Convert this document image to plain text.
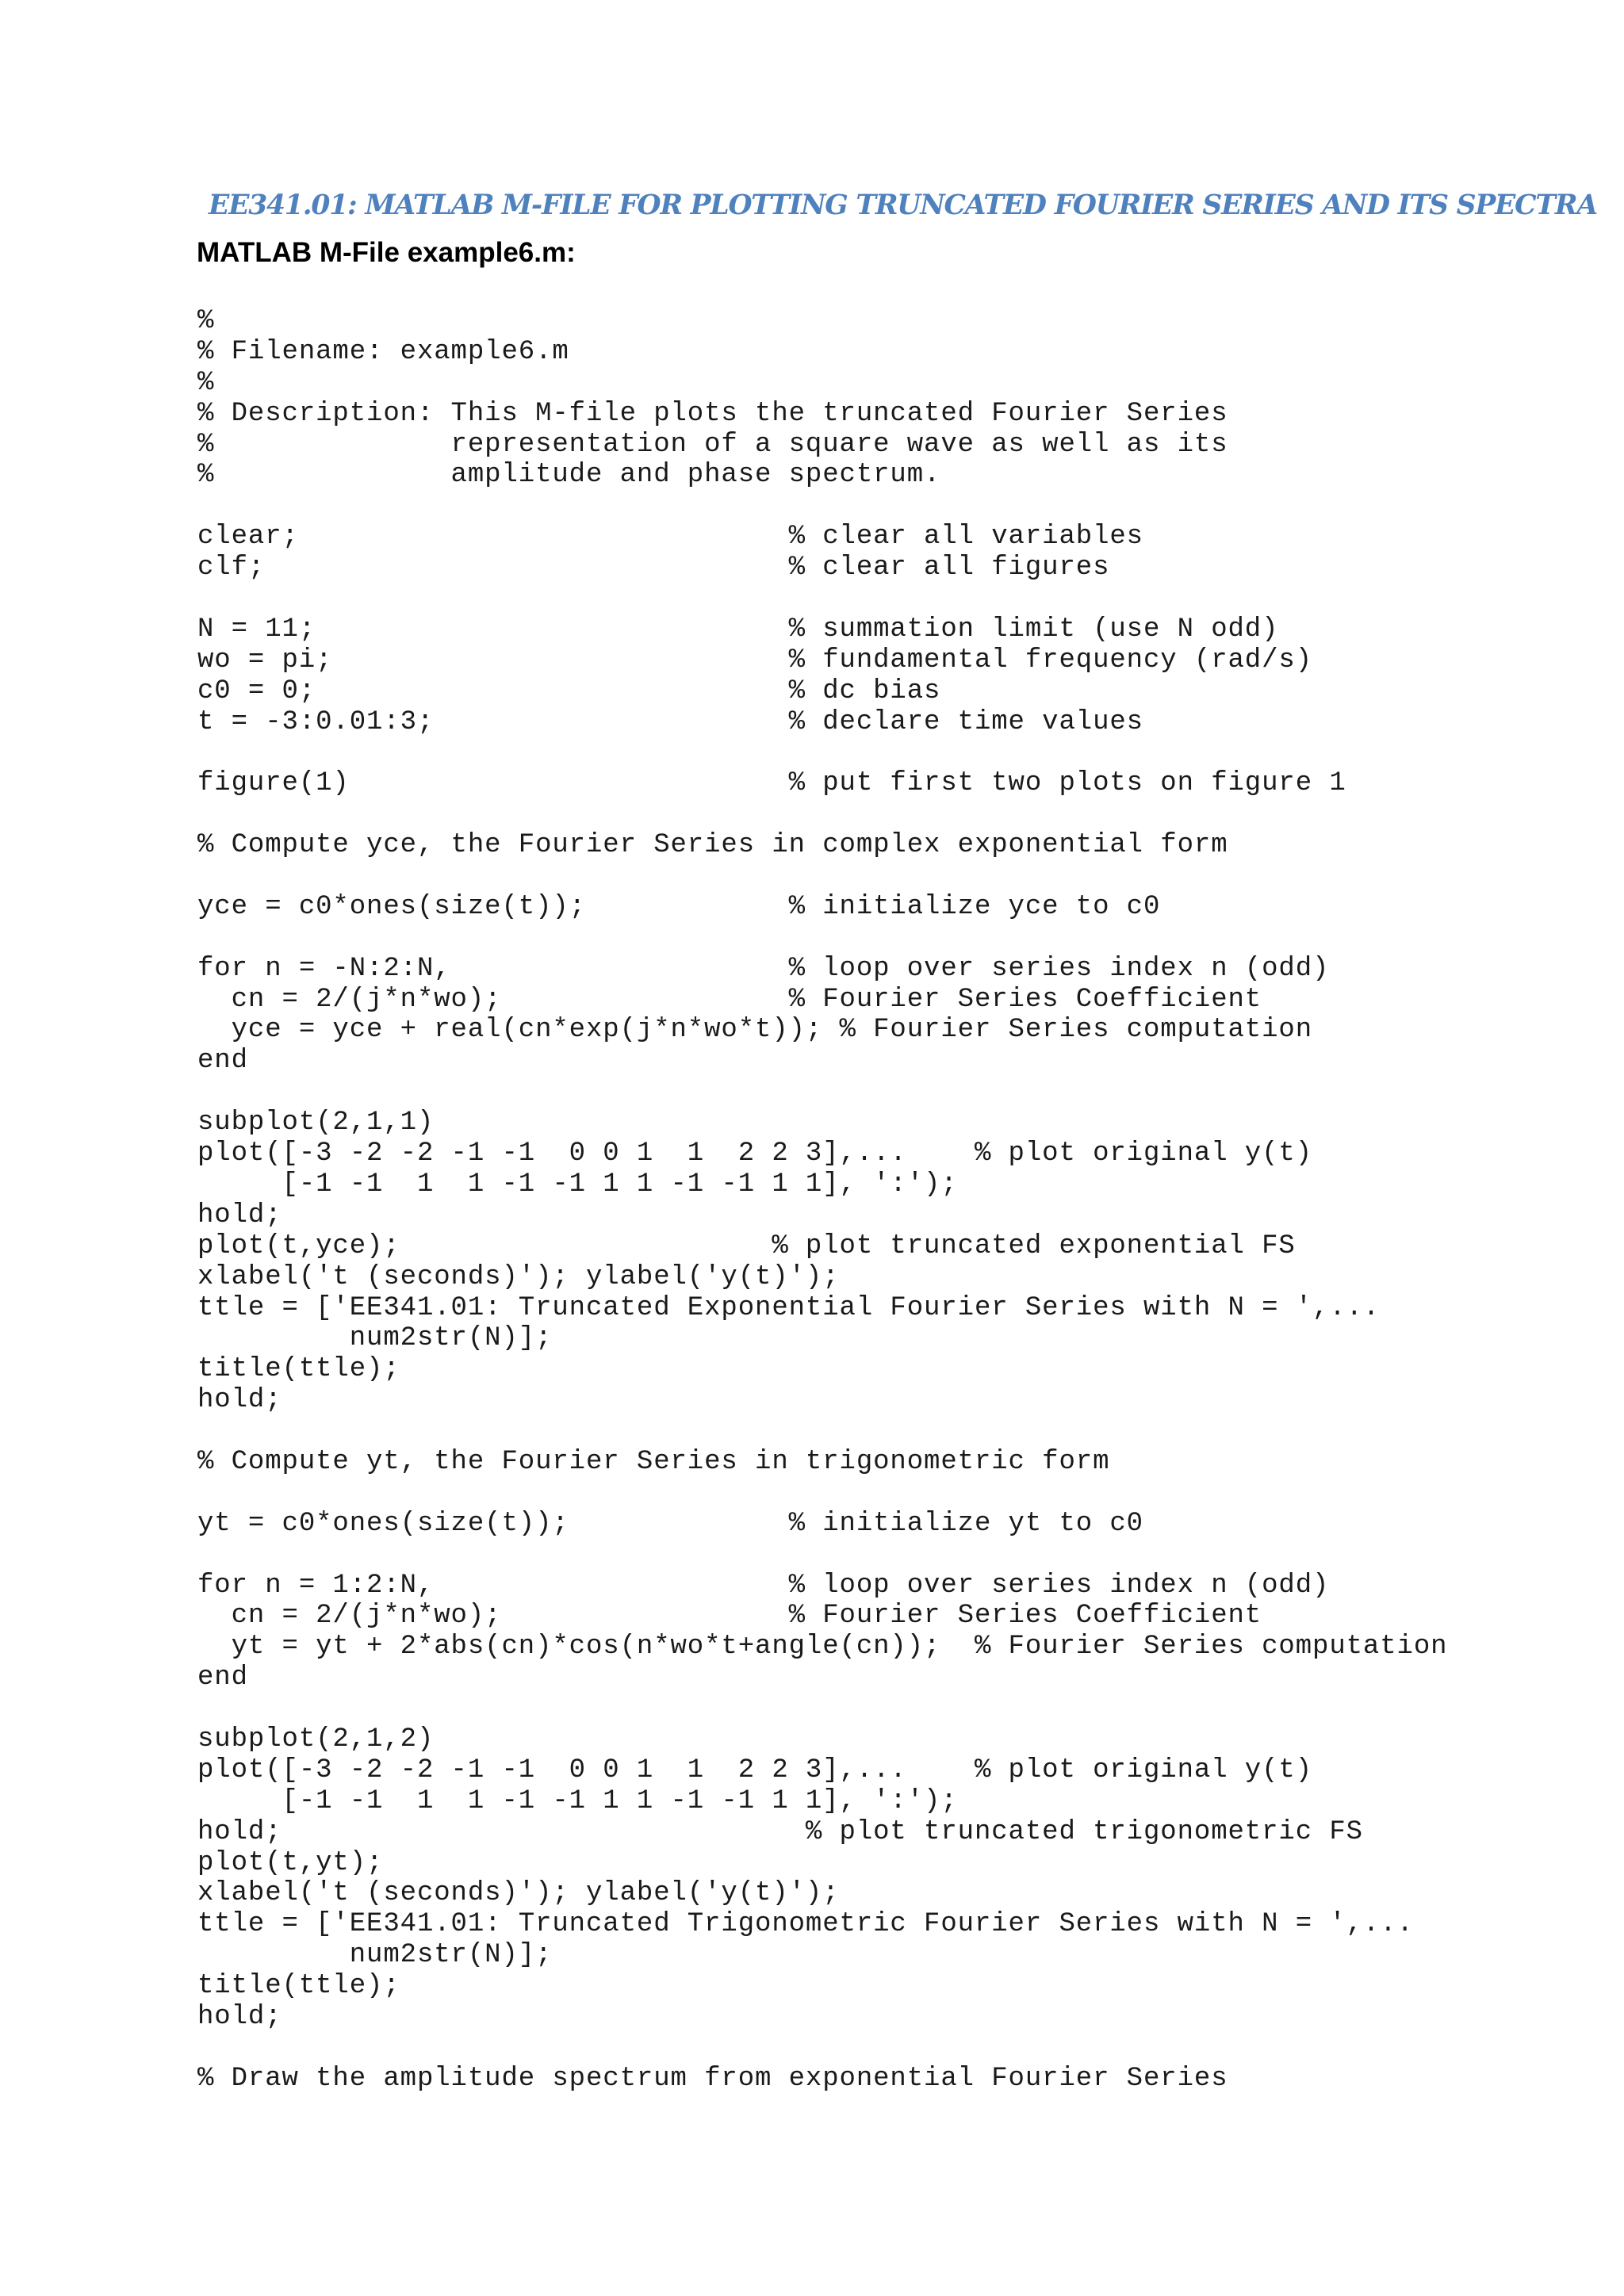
EE341.01: MATLAB M-FILE FOR PLOTTING TRUNCATED FOURIER SERIES AND ITS SPECTRA
MATLAB M-File example6.m:
%
% Filename: example6.m
%
% Description: This M-file plots the truncated Fourier Series
%              representation of a square wave as well as its
%              amplitude and phase spectrum.
clear;                             % clear all variables
clf;                               % clear all figures
N = 11;                            % summation limit (use N odd)
wo = pi;                           % fundamental frequency (rad/s)
c0 = 0;                            % dc bias
t = -3:0.01:3;                     % declare time values
figure(1)                          % put first two plots on figure 1
% Compute yce, the Fourier Series in complex exponential form
yce = c0*ones(size(t));            % initialize yce to c0
for n = -N:2:N,                    % loop over series index n (odd)
cn = 2/(j*n*wo);                 % Fourier Series Coefficient
yce = yce + real(cn*exp(j*n*wo*t)); % Fourier Series computation
end
subplot(2,1,1)
plot([-3 -2 -2 -1 -1  0 0 1  1  2 2 3],...    % plot original y(t)
[-1 -1  1  1 -1 -1 1 1 -1 -1 1 1], ':');
hold;
plot(t,yce);                      % plot truncated exponential FS
xlabel('t (seconds)'); ylabel('y(t)');
ttle = ['EE341.01: Truncated Exponential Fourier Series with N = ',...
num2str(N)];
title(ttle);
hold;
% Compute yt, the Fourier Series in trigonometric form
yt = c0*ones(size(t));             % initialize yt to c0
for n = 1:2:N,                     % loop over series index n (odd)
cn = 2/(j*n*wo);                 % Fourier Series Coefficient
yt = yt + 2*abs(cn)*cos(n*wo*t+angle(cn));  % Fourier Series computation
end
subplot(2,1,2)
plot([-3 -2 -2 -1 -1  0 0 1  1  2 2 3],...    % plot original y(t)
[-1 -1  1  1 -1 -1 1 1 -1 -1 1 1], ':');
hold;                               % plot truncated trigonometric FS
plot(t,yt);
xlabel('t (seconds)'); ylabel('y(t)');
ttle = ['EE341.01: Truncated Trigonometric Fourier Series with N = ',...
num2str(N)];
title(ttle);
hold;
% Draw the amplitude spectrum from exponential Fourier Series
